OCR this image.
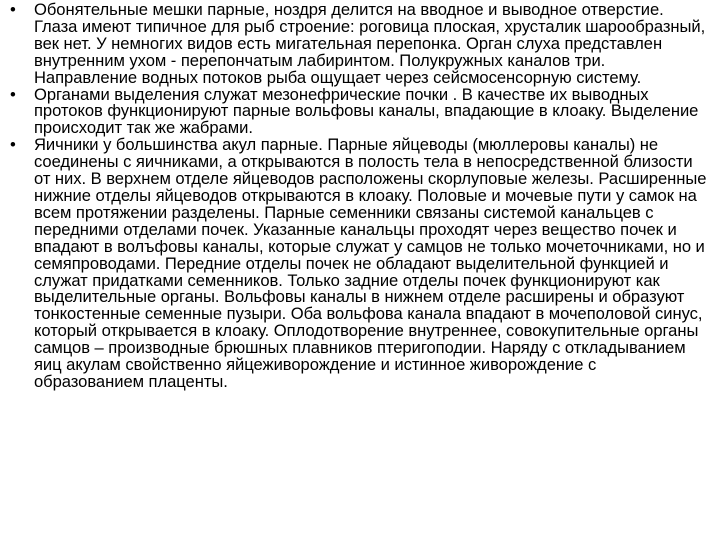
•	Обонятельные мешки парные, ноздря делится на вводное и выводное отверстие. Глаза имеют типичное для рыб строение: роговица плоская, хрусталик шарообразный, век нет. У немногих видов есть мигательная перепонка. Орган слуха представлен внутренним ухом - перепончатым лабиринтом. Полукружных каналов три. Направление водных потоков рыба ощущает через сейсмосенсорную систему.
•	Органами выделения служат мезонефрические почки . В качестве их выводных протоков функционируют парные вольфовы каналы, впадающие в клоаку. Выделение происходит так же жабрами.
•	Яичники у большинства акул парные. Парные яйцеводы (мюллеровы каналы) не соединены с яичниками, а открываются в полость тела в непосредственной близости от них. В верхнем отделе яйцеводов расположены скорлуповые железы. Расширенные нижние отделы яйцеводов открываются в клоаку. Половые и мочевые пути у самок на всем протяжении разделены. Парные семенники связаны системой канальцев с передними отделами почек. Указанные канальцы проходят через вещество почек и впадают в волъфовы каналы, которые служат у самцов не только мочеточниками, но и семяпроводами. Передние отделы почек не обладают выделительной функцией и служат придатками семенников. Только задние отделы почек функционируют как выделительные органы. Вольфовы каналы в нижнем отделе расширены и образуют тонкостенные семенные пузыри. Оба вольфова канала впадают в мочеполовой синус, который открывается в клоаку. Оплодотворение внутреннее, совокупительные органы самцов – производные брюшных плавников птеригоподии. Наряду с откладыванием яиц акулам свойственно яйцеживорождение и истинное живорождение с образованием плаценты.
